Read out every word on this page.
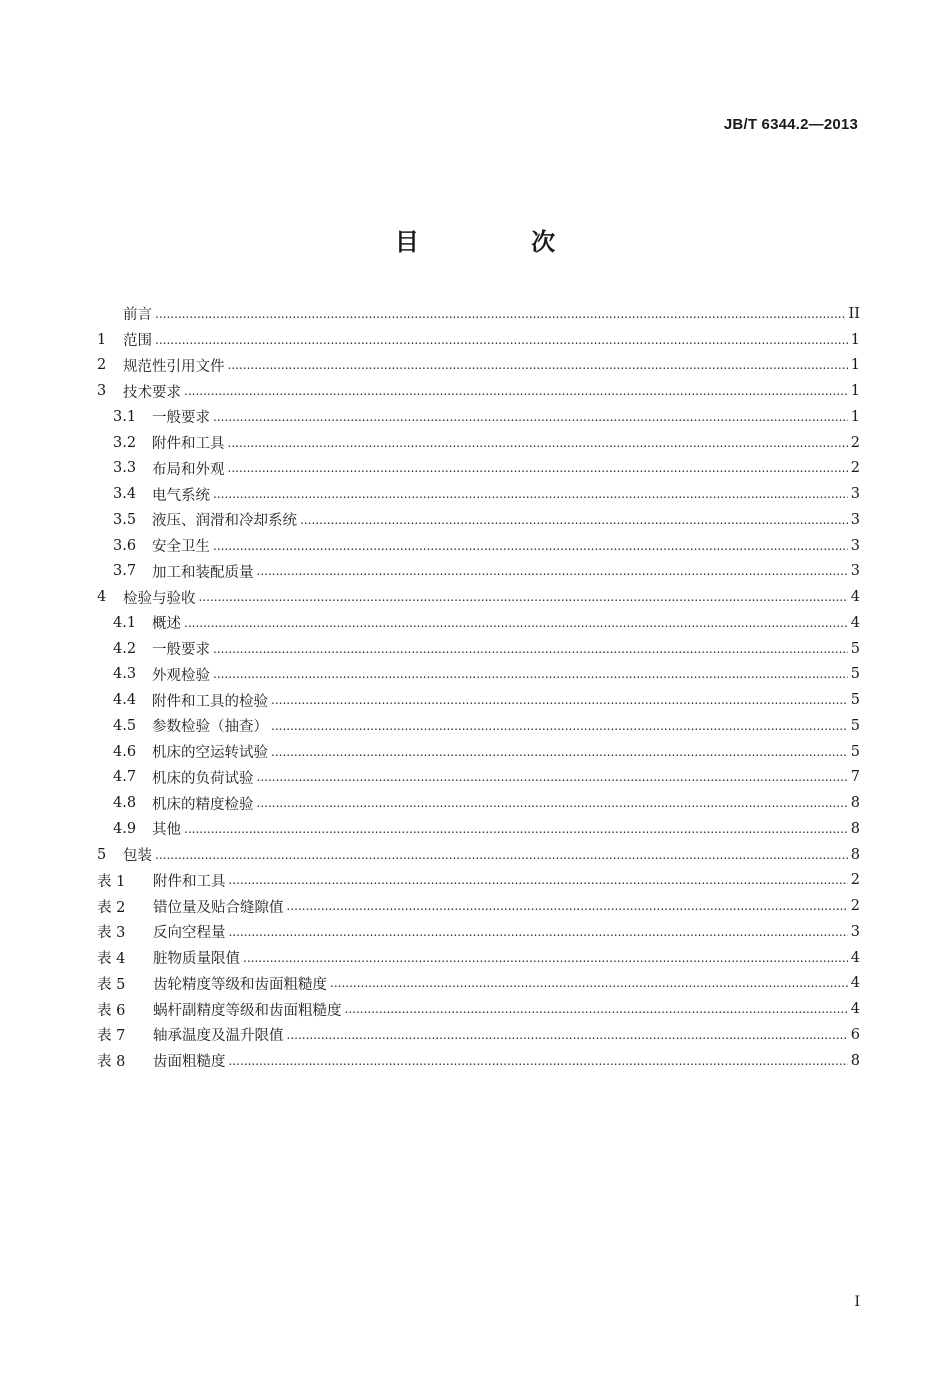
JB/T 6344.2—2013
目 次
前言 .....	II
1	范围 .....	1
2	规范性引用文件 .....	1
3	技术要求 .....	1
3.1	一般要求 .....	1
3.2	附件和工具 .....	2
3.3	布局和外观 .....	2
3.4	电气系统 .....	3
3.5	液压、润滑和冷却系统 .....	3
3.6	安全卫生 .....	3
3.7	加工和装配质量 .....	3
4	检验与验收 .....	4
4.1	概述 .....	4
4.2	一般要求 .....	5
4.3	外观检验 .....	5
4.4	附件和工具的检验 .....	5
4.5	参数检验（抽查） .....	5
4.6	机床的空运转试验 .....	5
4.7	机床的负荷试验 .....	7
4.8	机床的精度检验 .....	8
4.9	其他 .....	8
5	包装 .....	8
表 1	附件和工具 .....	2
表 2	错位量及贴合缝隙值 .....	2
表 3	反向空程量 .....	3
表 4	脏物质量限值 .....	4
表 5	齿轮精度等级和齿面粗糙度 .....	4
表 6	蜗杆副精度等级和齿面粗糙度 .....	4
表 7	轴承温度及温升限值 .....	6
表 8	齿面粗糙度 .....	8
I
